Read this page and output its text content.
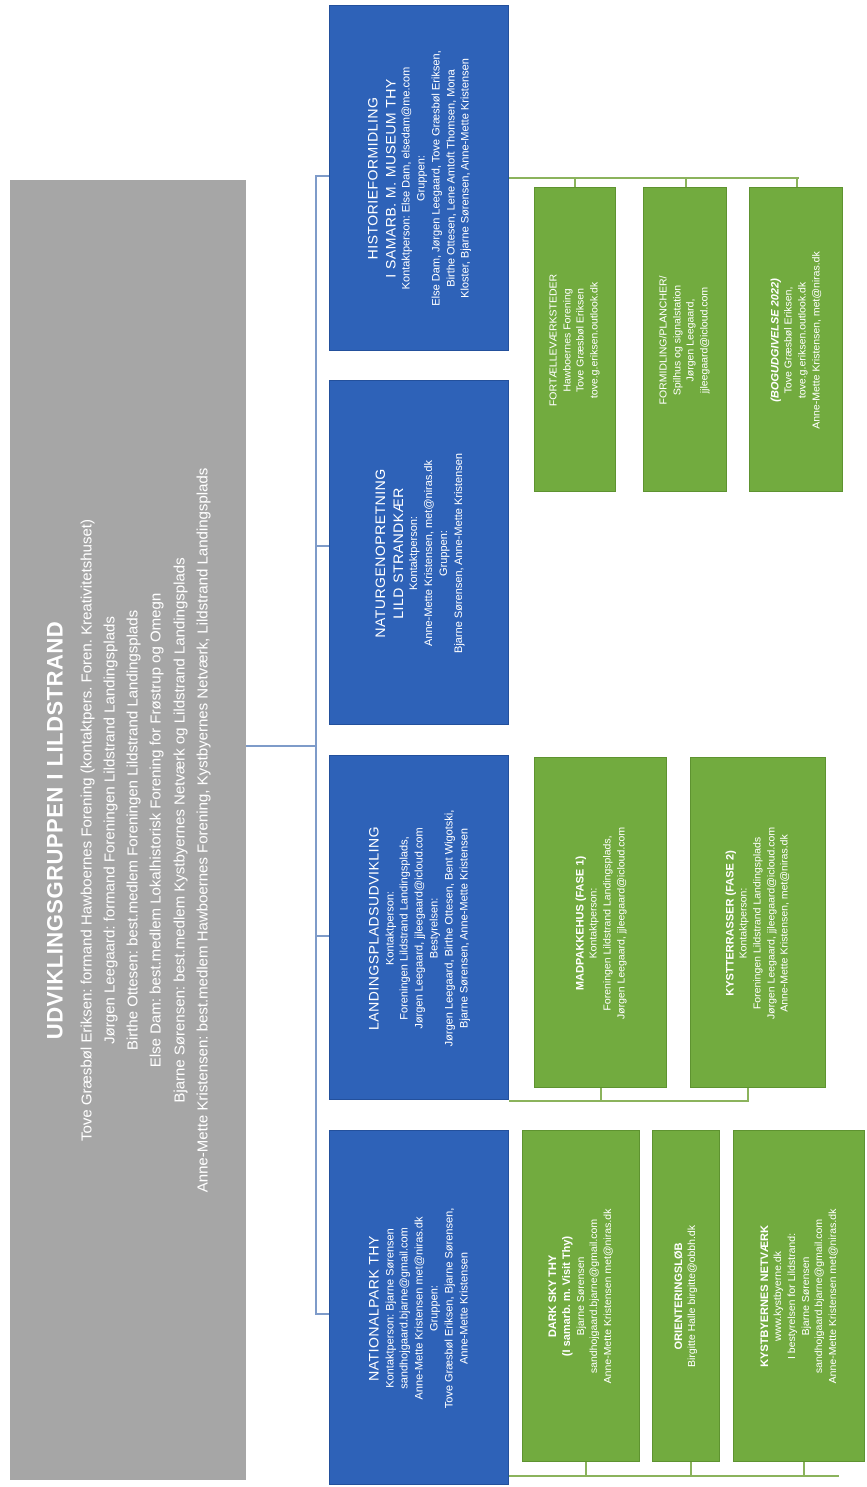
UDVIKLINGSGRUPPEN I LILDSTRAND Tove Græsbøl Eriksen: formand Hawboernes Forening (kontaktpers. Foren. Kreativitetshuset) Jørgen Leegaard: formand Foreningen Lildstrand Landingsplads Birthe Ottesen: best.medlem Foreningen Lildstrand Landingsplads Else Dam: best.medlem Lokalhistorisk Forening for Frøstrup og Omegn Bjarne Sørensen: best.medlem Kystbyernes Netværk og Lildstrand Landingsplads Anne-Mette Kristensen: best.medlem Hawboernes Forening, Kystbyernes Netværk, Lildstrand Landingsplads
HISTORIEFORMIDLING I SAMARB. M. MUSEUM THY Kontaktperson: Else Dam, elsedam@me.com Gruppen: Else Dam, Jørgen Leegaard, Tove Græsbøl Eriksen, Birthe Ottesen, Lene Amtoft Thomsen, Mona Kloster, Bjarne Sørensen, Anne-Mette Kristensen
NATURGENOPRETNING LILD STRANDKÆR Kontaktperson: Anne-Mette Kristensen, met@niras.dk Gruppen: Bjarne Sørensen, Anne-Mette Kristensen
LANDINGSPLADSUDVIKLING Kontaktperson: Foreningen Lildstrand Landingsplads, Jørgen Leegaard, jjleegaard@icloud.com Bestyrelsen: Jørgen Leegaard, Birthe Ottesen, Bent Wigotski, Bjarne Sørensen, Anne-Mette Kristensen
NATIONALPARK THY Kontaktperson: Bjarne Sørensen sandhojgaard.bjarne@gmail.com Anne-Mette Kristensen met@niras.dk Gruppen: Tove Græsbøl Eriksen, Bjarne Sørensen, Anne-Mette Kristensen
FORTÆLLEVÆRKSTEDER Hawboernes Forening Tove Græsbøl Eriksen tove.g.eriksen.outlook.dk	FORMIDLING/PLANCHER/ Spilhus og signalstation Jørgen Leegaard, jjleegaard@icloud.com	(BOGUDGIVELSE 2022) Tove Græsbøl Eriksen, tove.g.eriksen.outlook.dk Anne-Mette Kristensen, met@niras.dk
MADPAKKEHUS (FASE 1) Kontaktperson: Foreningen Lildstrand Landingsplads, Jørgen Leegaard, jjleegaard@icloud.com	KYSTTERRASSER (FASE 2) Kontaktperson: Foreningen Lildstrand Landingsplads Jørgen Leegaard, jjleegaard@icloud.com Anne-Mette Kristensen, met@niras.dk
DARK SKY THY (I samarb. m. Visit Thy) Bjarne Sørensen sandhojgaard.bjarne@gmail.com Anne-Mette Kristensen met@niras.dk	ORIENTERINGSLØB Birgitte Halle birgitte@obbh.dk	KYSTBYERNES NETVÆRK www.kystbyerne.dk I bestyrelsen for Lildstrand: Bjarne Sørensen sandhojgaard.bjarne@gmail.com Anne-Mette Kristensen met@niras.dk
